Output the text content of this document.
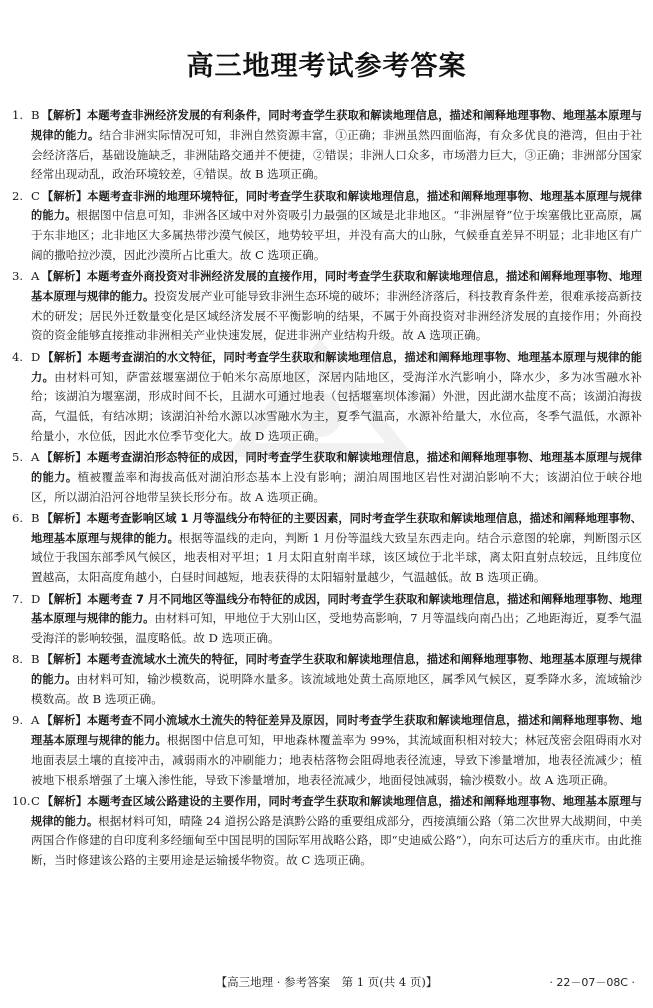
高三地理考试参考答案

1. B 【解析】本题考查非洲经济发展的有利条件，同时考查学生获取和解读地理信息，描述和阐释地理事物、地理基本原理与规律的能力。结合非洲实际情况可知，非洲自然资源丰富，①正确；非洲虽然四面临海，有众多优良的港湾，但由于社会经济落后，基础设施缺乏，非洲陆路交通并不便捷，②错误；非洲人口众多，市场潜力巨大，③正确；非洲部分国家经常出现动乱，政治环境较差，④错误。故 B 选项正确。

2. C 【解析】本题考查非洲的地理环境特征，同时考查学生获取和解读地理信息，描述和阐释地理事物、地理基本原理与规律的能力。根据图中信息可知，非洲各区域中对外资吸引力最强的区域是北非地区。“非洲屋脊”位于埃塞俄比亚高原，属于东非地区；北非地区大多属热带沙漠气候区，地势较平坦，并没有高大的山脉，气候垂直差异不明显；北非地区有广阔的撒哈拉沙漠，因此沙漠所占比重大。故 C 选项正确。

3. A 【解析】本题考查外商投资对非洲经济发展的直接作用，同时考查学生获取和解读地理信息，描述和阐释地理事物、地理基本原理与规律的能力。投资发展产业可能导致非洲生态环境的破坏；非洲经济落后，科技教育条件差，很难承接高新技术的研发；居民外迁数量变化是区域经济发展不平衡影响的结果，不属于外商投资对非洲经济发展的直接作用；外商投资的资金能够直接推动非洲相关产业快速发展，促进非洲产业结构升级。故 A 选项正确。

4. D 【解析】本题考查湖泊的水文特征，同时考查学生获取和解读地理信息，描述和阐释地理事物、地理基本原理与规律的能力。由材料可知，萨雷兹堰塞湖位于帕米尔高原地区，深居内陆地区，受海洋水汽影响小，降水少，多为冰雪融水补给；该湖泊为堰塞湖，形成时间不长，且湖水可通过地表（包括堰塞坝体渗漏）外泄，因此湖水盐度不高；该湖泊海拔高，气温低，有结冰期；该湖泊补给水源以冰雪融水为主，夏季气温高，水源补给量大，水位高，冬季气温低，水源补给量小，水位低，因此水位季节变化大。故 D 选项正确。

5. A 【解析】本题考查湖泊形态特征的成因，同时考查学生获取和解读地理信息，描述和阐释地理事物、地理基本原理与规律的能力。植被覆盖率和海拔高低对湖泊形态基本上没有影响；湖泊周围地区岩性对湖泊影响不大；该湖泊位于峡谷地区，所以湖泊沿河谷地带呈狭长形分布。故 A 选项正确。

6. B 【解析】本题考查影响区域 1 月等温线分布特征的主要因素，同时考查学生获取和解读地理信息，描述和阐释地理事物、地理基本原理与规律的能力。根据等温线的走向，判断 1 月份等温线大致呈东西走向。结合示意图的轮廓，判断图示区域位于我国东部季风气候区，地表相对平坦；1 月太阳直射南半球，该区域位于北半球，离太阳直射点较远，且纬度位置越高，太阳高度角越小，白昼时间越短，地表获得的太阳辐射量越少，气温越低。故 B 选项正确。

7. D 【解析】本题考查 7 月不同地区等温线分布特征的成因，同时考查学生获取和解读地理信息，描述和阐释地理事物、地理基本原理与规律的能力。由材料可知，甲地位于大别山区，受地势高影响，7 月等温线向南凸出；乙地距海近，夏季气温受海洋的影响较强，温度略低。故 D 选项正确。

8. B 【解析】本题考查流域水土流失的特征，同时考查学生获取和解读地理信息，描述和阐释地理事物、地理基本原理与规律的能力。由材料可知，输沙模数高，说明降水量多。该流域地处黄土高原地区，属季风气候区，夏季降水多，流域输沙模数高。故 B 选项正确。

9. A 【解析】本题考查不同小流域水土流失的特征差异及原因，同时考查学生获取和解读地理信息，描述和阐释地理事物、地理基本原理与规律的能力。根据图中信息可知，甲地森林覆盖率为 99%，其流域面积相对较大；林冠茂密会阻碍雨水对地面表层土壤的直接冲击，减弱雨水的冲刷能力；地表枯落物会阻碍地表径流速，导致下渗量增加，地表径流减少；植被地下根系增强了土壤入渗性能，导致下渗量增加，地表径流减少，地面侵蚀减弱，输沙模数小。故 A 选项正确。

10.C 【解析】本题考查区域公路建设的主要作用，同时考查学生获取和解读地理信息，描述和阐释地理事物、地理基本原理与规律的能力。根据材料可知，晴隆 24 道拐公路是滇黔公路的重要组成部分，西接滇缅公路（第二次世界大战期间，中美两国合作修建的自印度利多经缅甸至中国昆明的国际军用战略公路，即“史迪威公路”），向东可达后方的重庆市。由此推断，当时修建该公路的主要用途是运输援华物资。故 C 选项正确。

【高三地理 · 参考答案　第 1 页(共 4 页)】	· 22－07－08C ·
